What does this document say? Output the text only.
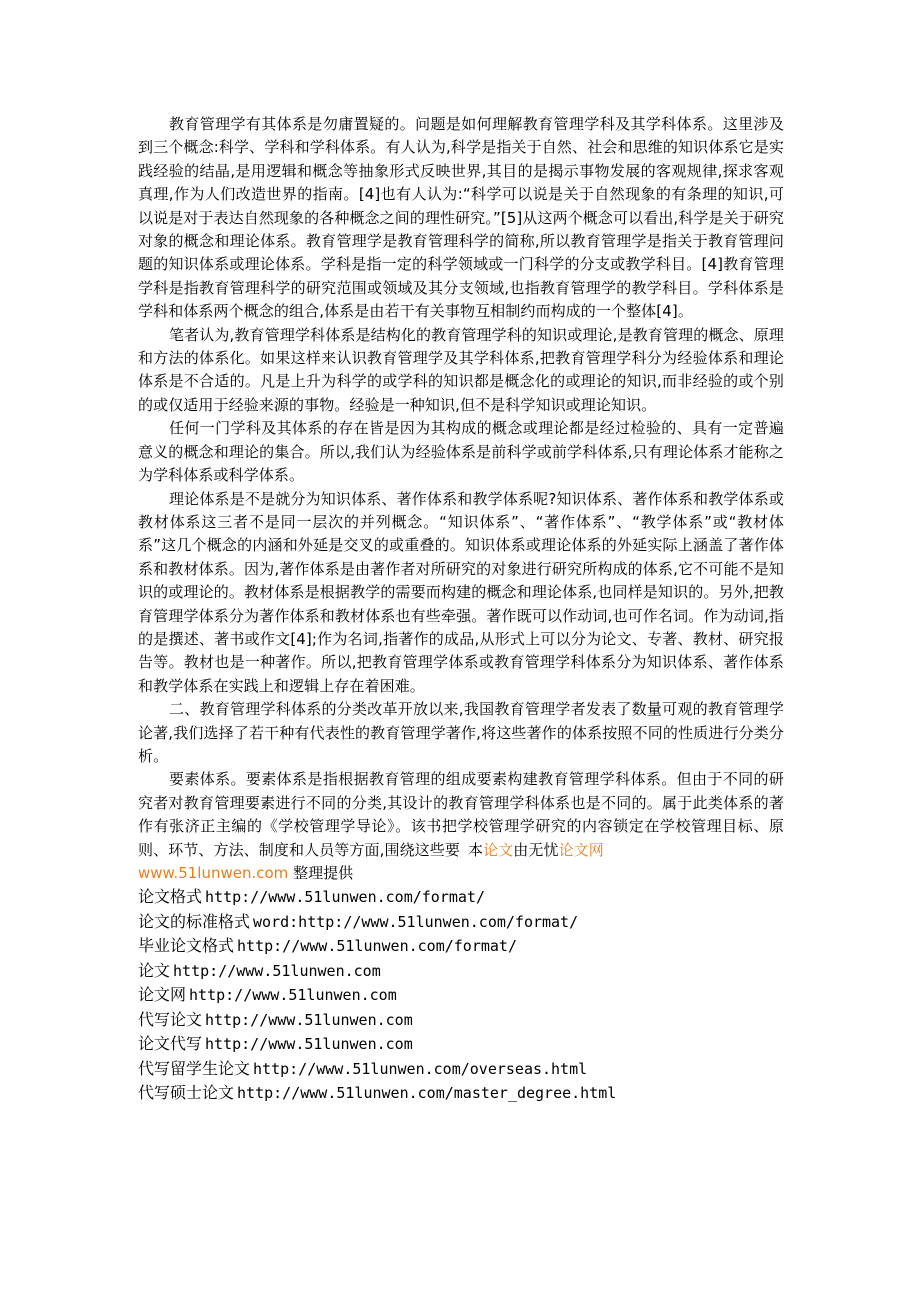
教育管理学有其体系是勿庸置疑的。问题是如何理解教育管理学科及其学科体系。这里涉及到三个概念:科学、学科和学科体系。有人认为,科学是指关于自然、社会和思维的知识体系它是实践经验的结晶,是用逻辑和概念等抽象形式反映世界,其目的是揭示事物发展的客观规律,探求客观真理,作为人们改造世界的指南。[4]也有人认为:“科学可以说是关于自然现象的有条理的知识,可以说是对于表达自然现象的各种概念之间的理性研究。”[5]从这两个概念可以看出,科学是关于研究对象的概念和理论体系。教育管理学是教育管理科学的简称,所以教育管理学是指关于教育管理问题的知识体系或理论体系。学科是指一定的科学领域或一门科学的分支或教学科目。[4]教育管理学科是指教育管理科学的研究范围或领域及其分支领域,也指教育管理学的教学科目。学科体系是学科和体系两个概念的组合,体系是由若干有关事物互相制约而构成的一个整体[4]。

笔者认为,教育管理学科体系是结构化的教育管理学科的知识或理论,是教育管理的概念、原理和方法的体系化。如果这样来认识教育管理学及其学科体系,把教育管理学科分为经验体系和理论体系是不合适的。凡是上升为科学的或学科的知识都是概念化的或理论的知识,而非经验的或个别的或仅适用于经验来源的事物。经验是一种知识,但不是科学知识或理论知识。

任何一门学科及其体系的存在皆是因为其构成的概念或理论都是经过检验的、具有一定普遍意义的概念和理论的集合。所以,我们认为经验体系是前科学或前学科体系,只有理论体系才能称之为学科体系或科学体系。

理论体系是不是就分为知识体系、著作体系和教学体系呢?知识体系、著作体系和教学体系或教材体系这三者不是同一层次的并列概念。“知识体系”、“著作体系”、“教学体系”或“教材体系”这几个概念的内涵和外延是交叉的或重叠的。知识体系或理论体系的外延实际上涵盖了著作体系和教材体系。因为,著作体系是由著作者对所研究的对象进行研究所构成的体系,它不可能不是知识的或理论的。教材体系是根据教学的需要而构建的概念和理论体系,也同样是知识的。另外,把教育管理学体系分为著作体系和教材体系也有些牵强。著作既可以作动词,也可作名词。作为动词,指的是撰述、著书或作文[4];作为名词,指著作的成品,从形式上可以分为论文、专著、教材、研究报告等。教材也是一种著作。所以,把教育管理学体系或教育管理学科体系分为知识体系、著作体系和教学体系在实践上和逻辑上存在着困难。

二、教育管理学科体系的分类改革开放以来,我国教育管理学者发表了数量可观的教育管理学论著,我们选择了若干种有代表性的教育管理学著作,将这些著作的体系按照不同的性质进行分类分析。

要素体系。要素体系是指根据教育管理的组成要素构建教育管理学科体系。但由于不同的研究者对教育管理要素进行不同的分类,其设计的教育管理学科体系也是不同的。属于此类体系的著作有张济正主编的《学校管理学导论》。该书把学校管理学研究的内容锁定在学校管理目标、原则、环节、方法、制度和人员等方面,围绕这些要 本论文由无忧论文网

www.51lunwen.com 整理提供

论文格式 http://www.51lunwen.com/format/
论文的标准格式 word:http://www.51lunwen.com/format/
毕业论文格式 http://www.51lunwen.com/format/
论文 http://www.51lunwen.com
论文网 http://www.51lunwen.com
代写论文 http://www.51lunwen.com
论文代写 http://www.51lunwen.com
代写留学生论文 http://www.51lunwen.com/overseas.html
代写硕士论文 http://www.51lunwen.com/master_degree.html
